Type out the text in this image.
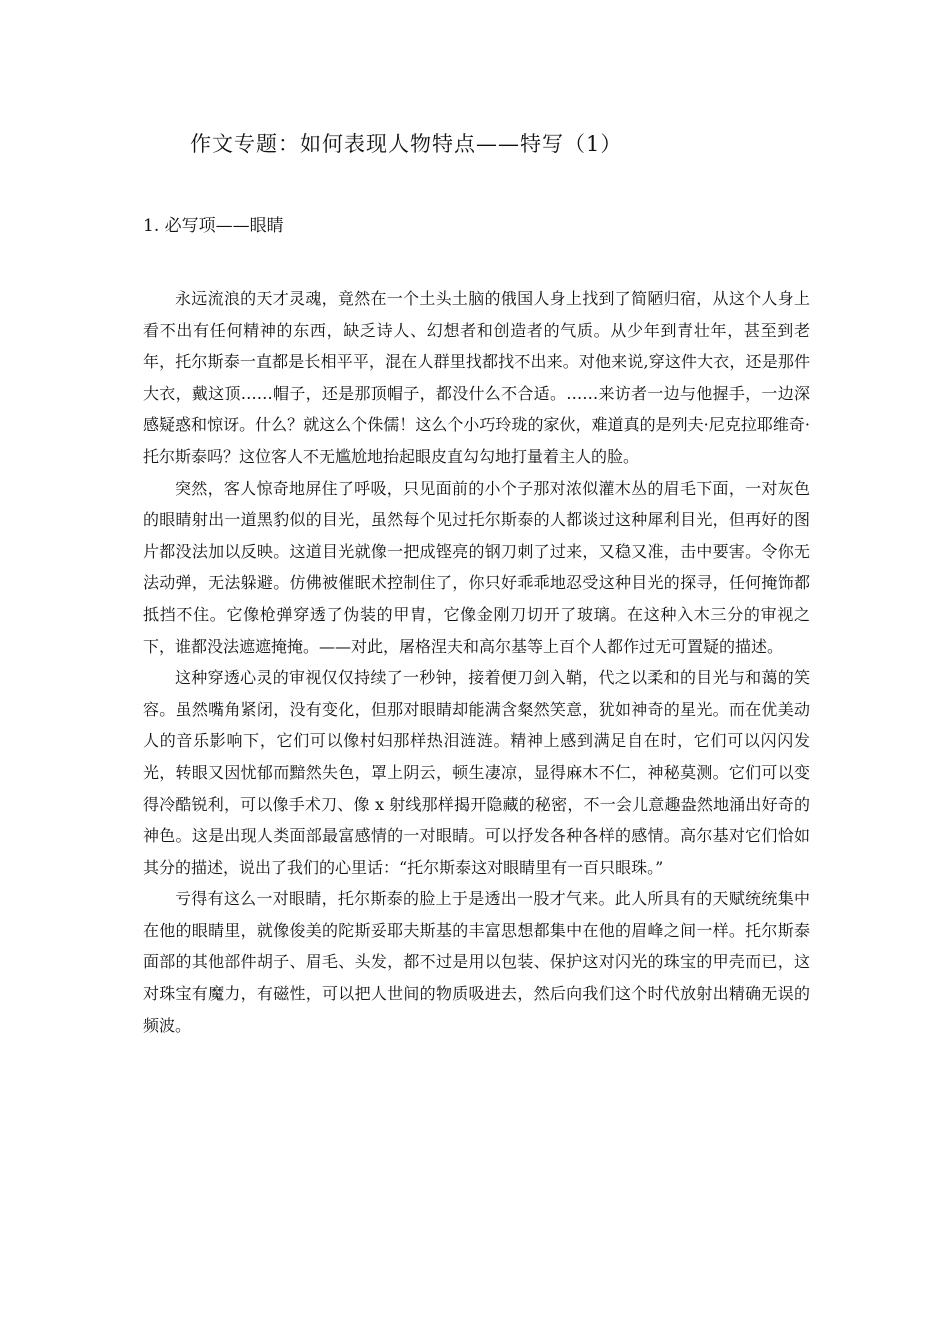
作文专题：如何表现人物特点——特写（1）
1. 必写项——眼睛

永远流浪的天才灵魂，竟然在一个土头土脑的俄国人身上找到了简陋归宿，从这个人身上看不出有任何精神的东西，缺乏诗人、幻想者和创造者的气质。从少年到青壮年，甚至到老年，托尔斯泰一直都是长相平平，混在人群里找都找不出来。对他来说,穿这件大衣，还是那件大衣，戴这顶……帽子，还是那顶帽子，都没什么不合适。……来访者一边与他握手，一边深感疑惑和惊讶。什么？就这么个侏儒！这么个小巧玲珑的家伙，难道真的是列夫·尼克拉耶维奇·托尔斯泰吗？这位客人不无尴尬地抬起眼皮直勾勾地打量着主人的脸。

突然，客人惊奇地屏住了呼吸，只见面前的小个子那对浓似灌木丛的眉毛下面，一对灰色的眼睛射出一道黑豹似的目光，虽然每个见过托尔斯泰的人都谈过这种犀利目光，但再好的图片都没法加以反映。这道目光就像一把成铿亮的钢刀刺了过来，又稳又准，击中要害。令你无法动弹，无法躲避。仿佛被催眠术控制住了，你只好乖乖地忍受这种目光的探寻，任何掩饰都抵挡不住。它像枪弹穿透了伪装的甲胄，它像金刚刀切开了玻璃。在这种入木三分的审视之下，谁都没法遮遮掩掩。——对此，屠格涅夫和高尔基等上百个人都作过无可置疑的描述。

这种穿透心灵的审视仅仅持续了一秒钟，接着便刀剑入鞘，代之以柔和的目光与和蔼的笑容。虽然嘴角紧闭，没有变化，但那对眼睛却能满含粲然笑意，犹如神奇的星光。而在优美动人的音乐影响下，它们可以像村妇那样热泪涟涟。精神上感到满足自在时，它们可以闪闪发光，转眼又因忧郁而黯然失色，罩上阴云，顿生凄凉，显得麻木不仁，神秘莫测。它们可以变得冷酷锐利，可以像手术刀、像 x 射线那样揭开隐藏的秘密，不一会儿意趣盎然地涌出好奇的神色。这是出现人类面部最富感情的一对眼睛。可以抒发各种各样的感情。高尔基对它们恰如其分的描述，说出了我们的心里话：“托尔斯泰这对眼睛里有一百只眼珠。”

亏得有这么一对眼睛，托尔斯泰的脸上于是透出一股才气来。此人所具有的天赋统统集中在他的眼睛里，就像俊美的陀斯妥耶夫斯基的丰富思想都集中在他的眉峰之间一样。托尔斯泰面部的其他部件胡子、眉毛、头发，都不过是用以包装、保护这对闪光的珠宝的甲壳而已，这对珠宝有魔力，有磁性，可以把人世间的物质吸进去，然后向我们这个时代放射出精确无误的频波。
